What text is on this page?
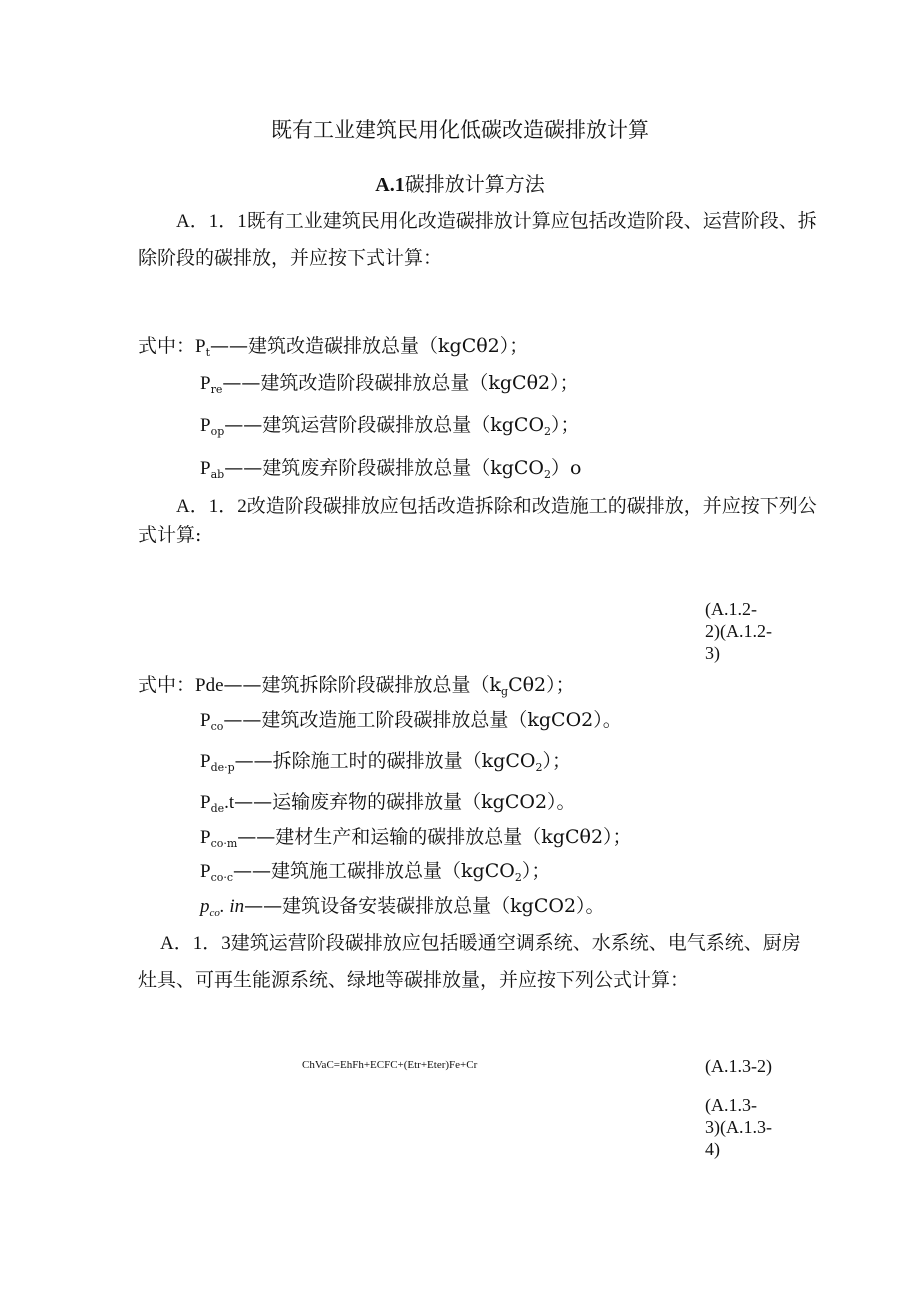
既有工业建筑民用化低碳改造碳排放计算
A.1碳排放计算方法
A．1．1既有工业建筑民用化改造碳排放计算应包括改造阶段、运营阶段、拆
除阶段的碳排放，并应按下式计算：
式中：$P_t——$建筑改造碳排放总量（kgCθ2）；
$P_{re}——$建筑改造阶段碳排放总量（kgCθ2）；
$P_{op}——$建筑运营阶段碳排放总量（kgCO$_2$）；
$P_{ab}——$建筑废弃阶段碳排放总量（kgCO$_2$）o
A．1．2改造阶段碳排放应包括改造拆除和改造施工的碳排放，并应按下列公
式计算:
(A.1.2-
2)(A.1.2-
3)
式中：Pde——建筑拆除阶段碳排放总量$(k_gC\theta 2)$；
$P_{co}——$建筑改造施工阶段碳排放总量（kgCO2）。
$P_{de\cdot p}——$拆除施工时的碳排放量（kgCO$_2$）；
$P_{de}.t——$运输废弃物的碳排放量（kgCO2）。
$P_{co\cdot m}——$建材生产和运输的碳排放总量（kgCθ2）；
$P_{co\cdot c}——$建筑施工碳排放总量（kgCO$_2$）；
$p_{co}$. in——建筑设备安装碳排放总量（kgCO2）。
A．1．3建筑运营阶段碳排放应包括暖通空调系统、水系统、电气系统、厨房
灶具、可再生能源系统、绿地等碳排放量，并应按下列公式计算：
ChVaC=EhFh+ECFC+(Etr+Eter)Fe+Cr	(A.1.3-2)
(A.1.3-
3)(A.1.3-
4)
